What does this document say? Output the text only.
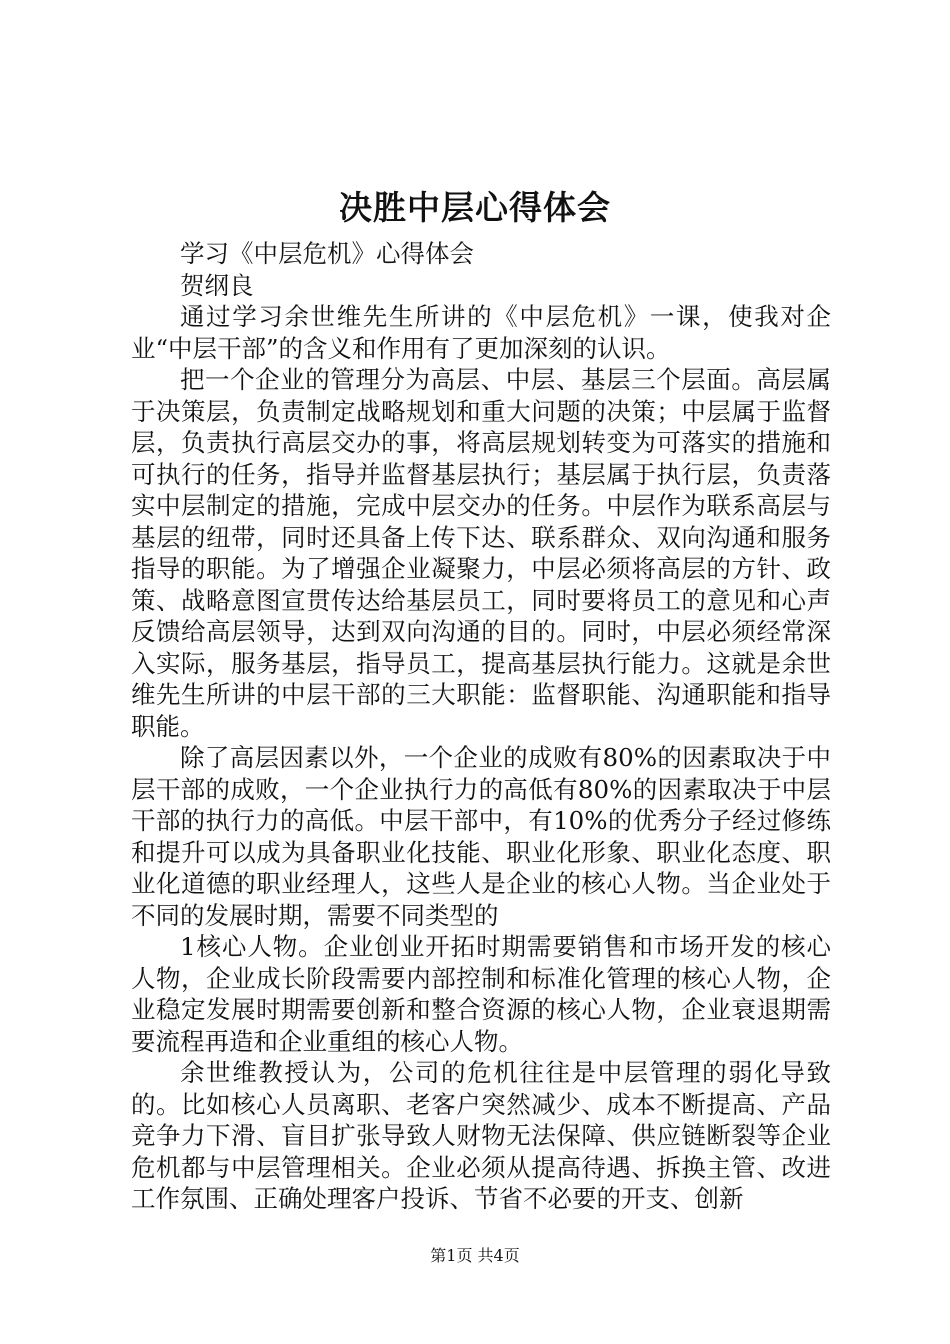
决胜中层心得体会

学习《中层危机》心得体会

贺纲良

通过学习余世维先生所讲的《中层危机》一课，使我对企业“中层干部”的含义和作用有了更加深刻的认识。

把一个企业的管理分为高层、中层、基层三个层面。高层属于决策层，负责制定战略规划和重大问题的决策；中层属于监督层，负责执行高层交办的事，将高层规划转变为可落实的措施和可执行的任务，指导并监督基层执行；基层属于执行层，负责落实中层制定的措施，完成中层交办的任务。中层作为联系高层与基层的纽带，同时还具备上传下达、联系群众、双向沟通和服务指导的职能。为了增强企业凝聚力，中层必须将高层的方针、政策、战略意图宣贯传达给基层员工，同时要将员工的意见和心声反馈给高层领导，达到双向沟通的目的。同时，中层必须经常深入实际，服务基层，指导员工，提高基层执行能力。这就是余世维先生所讲的中层干部的三大职能：监督职能、沟通职能和指导职能。

除了高层因素以外，一个企业的成败有80%的因素取决于中层干部的成败，一个企业执行力的高低有80%的因素取决于中层干部的执行力的高低。中层干部中，有10%的优秀分子经过修练和提升可以成为具备职业化技能、职业化形象、职业化态度、职业化道德的职业经理人，这些人是企业的核心人物。当企业处于不同的发展时期，需要不同类型的

1核心人物。企业创业开拓时期需要销售和市场开发的核心人物，企业成长阶段需要内部控制和标准化管理的核心人物，企业稳定发展时期需要创新和整合资源的核心人物，企业衰退期需要流程再造和企业重组的核心人物。

余世维教授认为，公司的危机往往是中层管理的弱化导致的。比如核心人员离职、老客户突然减少、成本不断提高、产品竞争力下滑、盲目扩张导致人财物无法保障、供应链断裂等企业危机都与中层管理相关。企业必须从提高待遇、拆换主管、改进工作氛围、正确处理客户投诉、节省不必要的开支、创新

第1页 共4页
